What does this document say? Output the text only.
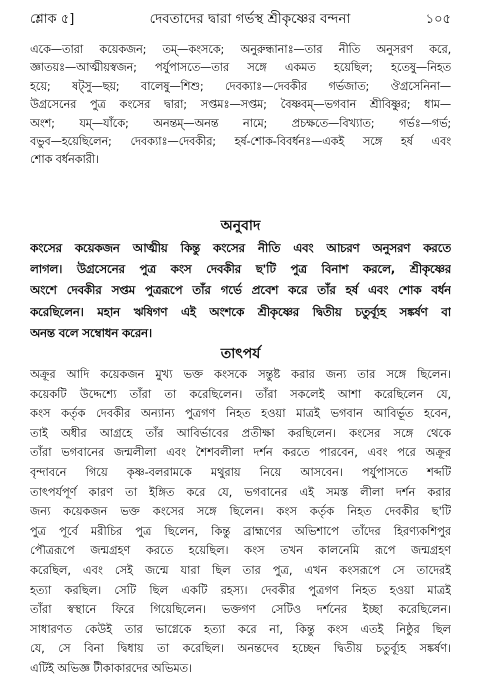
শ্লোক ৫]	দেবতাদের দ্বারা গর্ভস্থ শ্রীকৃষ্ণের বন্দনা	১০৫
একে—তারা কয়েকজন; তম্—কংসকে; অনুরুন্ধানাঃ—তার নীতি অনুসরণ করে,
জ্ঞাতয়ঃ—আত্মীয়স্বজন; পর্যুপাসতে—তার সঙ্গে একমত হয়েছিল; হতেষু—নিহত
হয়ে; ষট্সু—ছয়; বালেষু—শিশু; দেবক্যাঃ—দেবকীর গর্ভজাত; ঔগ্রসেনিনা—
উগ্রসেনের পুত্র কংসের দ্বারা; সপ্তমঃ—সপ্তম; বৈষ্ণবম্—ভগবান শ্রীবিষ্ণুর; ধাম—
অংশ; যম্—যাঁকে; অনন্তম্—অনন্ত নামে; প্রচক্ষতে—বিখ্যাত; গর্ভঃ—গর্ভ;
বভুব—হয়েছিলেন; দেবক্যাঃ—দেবকীর; হর্ষ-শোক-বিবর্ধনঃ—একই সঙ্গে হর্ষ এবং
শোক বর্ধনকারী।
অনুবাদ
কংসের কয়েকজন আত্মীয় কিন্তু কংসের নীতি এবং আচরণ অনুসরণ করতে
লাগল। উগ্রসেনের পুত্র কংস দেবকীর ছ'টি পুত্র বিনাশ করলে, শ্রীকৃষ্ণের
অংশে দেবকীর সপ্তম পুত্ররূপে তাঁর গর্ভে প্রবেশ করে তাঁর হর্ষ এবং শোক বর্ধন
করেছিলেন। মহান ঋষিগণ এই অংশকে শ্রীকৃষ্ণের দ্বিতীয় চতুর্ব্যূহ সঙ্কর্ষণ বা
অনন্ত বলে সম্বোধন করেন।
তাৎপর্য
অক্রূর আদি কয়েকজন মুখ্য ভক্ত কংসকে সন্তুষ্ট করার জন্য তার সঙ্গে ছিলেন।
কয়েকটি উদ্দেশ্যে তাঁরা তা করেছিলেন। তাঁরা সকলেই আশা করেছিলেন যে,
কংস কর্তৃক দেবকীর অন্যান্য পুত্রগণ নিহত হওয়া মাত্রই ভগবান আবির্ভূত হবেন,
তাই অধীর আগ্রহে তাঁর আবির্ভাবের প্রতীক্ষা করছিলেন। কংসের সঙ্গে থেকে
তাঁরা ভগবানের জন্মলীলা এবং শৈশবলীলা দর্শন করতে পারবেন, এবং পরে অক্রূর
বৃন্দাবনে গিয়ে কৃষ্ণ-বলরামকে মথুরায় নিয়ে আসবেন। পর্যুপাসতে শব্দটি
তাৎপর্যপূর্ণ কারণ তা ইঙ্গিত করে যে, ভগবানের এই সমস্ত লীলা দর্শন করার
জন্য কয়েকজন ভক্ত কংসের সঙ্গে ছিলেন। কংস কর্তৃক নিহত দেবকীর ছ'টি
পুত্র পূর্বে মরীচির পুত্র ছিলেন, কিন্তু ব্রাহ্মণের অভিশাপে তাঁদের হিরণ্যকশিপুর
পৌত্ররূপে জন্মগ্রহণ করতে হয়েছিল। কংস তখন কালনেমি রূপে জন্মগ্রহণ
করেছিল, এবং সেই জন্মে যারা ছিল তার পুত্র, এখন কংসরূপে সে তাদেরই
হত্যা করছিল। সেটি ছিল একটি রহস্য। দেবকীর পুত্রগণ নিহত হওয়া মাত্রই
তাঁরা স্বস্থানে ফিরে গিয়েছিলেন। ভক্তগণ সেটিও দর্শনের ইচ্ছা করেছিলেন।
সাধারণত কেউই তার ভাগ্নেকে হত্যা করে না, কিন্তু কংস এতই নিষ্ঠুর ছিল
যে, সে বিনা দ্বিধায় তা করেছিল। অনন্তদেব হচ্ছেন দ্বিতীয় চতুর্ব্যূহ সঙ্কর্ষণ।
এটিই অভিজ্ঞ টীকাকারদের অভিমত।
